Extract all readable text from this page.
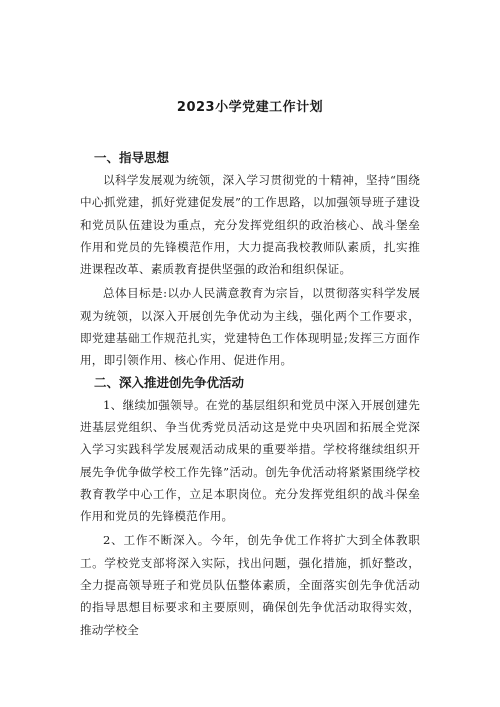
2023小学党建工作计划
一、指导思想

以科学发展观为统领，深入学习贯彻党的十精神，坚持“围绕中心抓党建，抓好党建促发展”的工作思路，以加强领导班子建设和党员队伍建设为重点，充分发挥党组织的政治核心、战斗堡垒作用和党员的先锋模范作用，大力提高我校教师队素质，扎实推进课程改革、素质教育提供坚强的政治和组织保证。

总体目标是:以办人民满意教育为宗旨，以贯彻落实科学发展观为统领，以深入开展创先争优动为主线，强化两个工作要求，即党建基础工作规范扎实，党建特色工作体现明显;发挥三方面作用，即引领作用、核心作用、促进作用。

二、深入推进创先争优活动

1、继续加强领导。在党的基层组织和党员中深入开展创建先进基层党组织、争当优秀党员活动这是党中央巩固和拓展全党深入学习实践科学发展观活动成果的重要举措。学校将继续组织开展先争优争做学校工作先锋”活动。创先争优活动将紧紧围绕学校教育教学中心工作，立足本职岗位。充分发挥党组织的战斗保垒作用和党员的先锋模范作用。

2、工作不断深入。今年，创先争优工作将扩大到全体教职工。学校党支部将深入实际，找出问题，强化措施，抓好整改，全力提高领导班子和党员队伍整体素质，全面落实创先争优活动的指导思想目标要求和主要原则，确保创先争优活动取得实效，推动学校全
